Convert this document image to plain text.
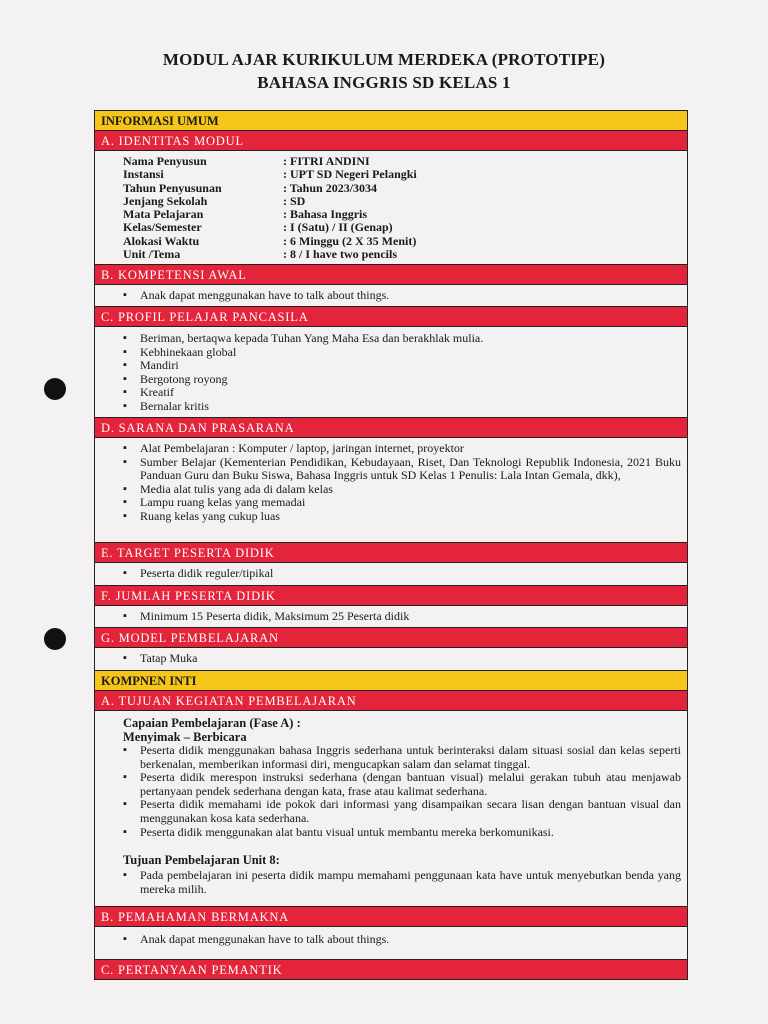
MODUL AJAR KURIKULUM MERDEKA (PROTOTIPE)
BAHASA INGGRIS SD KELAS 1
INFORMASI UMUM
A. IDENTITAS MODUL
Nama Penyusun	: FITRI ANDINI
Instansi	: UPT SD Negeri Pelangki
Tahun Penyusunan	: Tahun 2023/3034
Jenjang Sekolah	: SD
Mata Pelajaran	: Bahasa Inggris
Kelas/Semester	: I (Satu) / II (Genap)
Alokasi Waktu	: 6 Minggu (2 X 35 Menit)
Unit /Tema	: 8 / I have two pencils
B. KOMPETENSI AWAL
▪ Anak dapat menggunakan have to talk about things.
C. PROFIL PELAJAR PANCASILA
▪ Beriman, bertaqwa kepada Tuhan Yang Maha Esa dan berakhlak mulia.
▪ Kebhinekaan global
▪ Mandiri
▪ Bergotong royong
▪ Kreatif
▪ Bernalar kritis
D. SARANA DAN PRASARANA
▪ Alat Pembelajaran : Komputer / laptop, jaringan internet, proyektor
▪ Sumber Belajar (Kementerian Pendidikan, Kebudayaan, Riset, Dan Teknologi Republik Indonesia, 2021 Buku Panduan Guru dan Buku Siswa, Bahasa Inggris untuk SD Kelas 1 Penulis: Lala Intan Gemala, dkk),
▪ Media alat tulis yang ada di dalam kelas
▪ Lampu ruang kelas yang memadai
▪ Ruang kelas yang cukup luas
E. TARGET PESERTA DIDIK
▪ Peserta didik reguler/tipikal
F. JUMLAH PESERTA DIDIK
▪ Minimum 15 Peserta didik, Maksimum 25 Peserta didik
G. MODEL PEMBELAJARAN
▪ Tatap Muka
KOMPNEN INTI
A. TUJUAN KEGIATAN PEMBELAJARAN
Capaian Pembelajaran (Fase A) :
Menyimak – Berbicara
▪ Peserta didik menggunakan bahasa Inggris sederhana untuk berinteraksi dalam situasi sosial dan kelas seperti berkenalan, memberikan informasi diri, mengucapkan salam dan selamat tinggal.
▪ Peserta didik merespon instruksi sederhana (dengan bantuan visual) melalui gerakan tubuh atau menjawab pertanyaan pendek sederhana dengan kata, frase atau kalimat sederhana.
▪ Peserta didik memahami ide pokok dari informasi yang disampaikan secara lisan dengan bantuan visual dan menggunakan kosa kata sederhana.
▪ Peserta didik menggunakan alat bantu visual untuk membantu mereka berkomunikasi.
Tujuan Pembelajaran Unit 8:
▪ Pada pembelajaran ini peserta didik mampu memahami penggunaan kata have untuk menyebutkan benda yang mereka milih.
B. PEMAHAMAN BERMAKNA
▪ Anak dapat menggunakan have to talk about things.
C. PERTANYAAN PEMANTIK
